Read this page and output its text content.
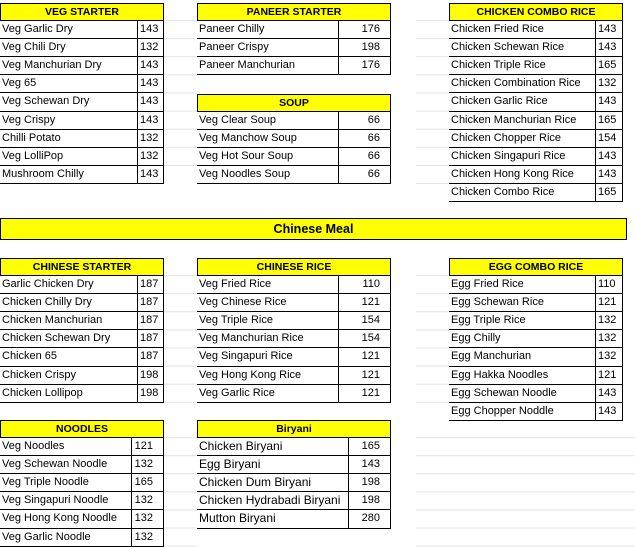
VEG STARTER
Veg Garlic Dry	143
Veg Chili Dry	132
Veg Manchurian Dry	143
Veg 65	143
Veg Schewan Dry	143
Veg Crispy	143
Chilli Potato	132
Veg LolliPop	132
Mushroom Chilly	143
PANEER STARTER
Paneer Chilly	176
Paneer Crispy	198
Paneer Manchurian	176
SOUP
Veg Clear Soup	66
Veg Manchow Soup	66
Veg Hot Sour Soup	66
Veg Noodles Soup	66
CHICKEN COMBO RICE
Chicken Fried Rice	143
Chicken Schewan Rice	143
Chicken Triple Rice	165
Chicken Combination Rice	132
Chicken Garlic Rice	143
Chicken Manchurian Rice	165
Chicken Chopper Rice	154
Chicken Singapuri Rice	143
Chicken Hong Kong Rice	143
Chicken Combo Rice	165
CHINESE STARTER
Garlic Chicken Dry	187
Chicken Chilly Dry	187
Chicken Manchurian	187
Chicken Schewan Dry	187
Chicken 65	187
Chicken Crispy	198
Chicken Lollipop	198
CHINESE RICE
Veg Fried Rice	110
Veg Chinese Rice	121
Veg Triple Rice	154
Veg Manchurian Rice	154
Veg Singapuri Rice	121
Veg Hong Kong Rice	121
Veg Garlic Rice	121
EGG COMBO RICE
Egg Fried Rice	110
Egg Schewan Rice	121
Egg Triple Rice	132
Egg Chilly	132
Egg Manchurian	132
Egg Hakka Noodles	121
Egg Schewan Noodle	143
Egg Chopper Noddle	143
NOODLES
Veg Noodles	121
Veg Schewan Noodle	132
Veg Triple Noodle	165
Veg Singapuri Noodle	132
Veg Hong Kong Noodle	132
Veg Garlic Noodle	132
Biryani
Chicken Biryani	165
Egg Biryani	143
Chicken Dum Biryani	198
Chicken Hydrabadi Biryani	198
Mutton Biryani	280
Chinese Meal
